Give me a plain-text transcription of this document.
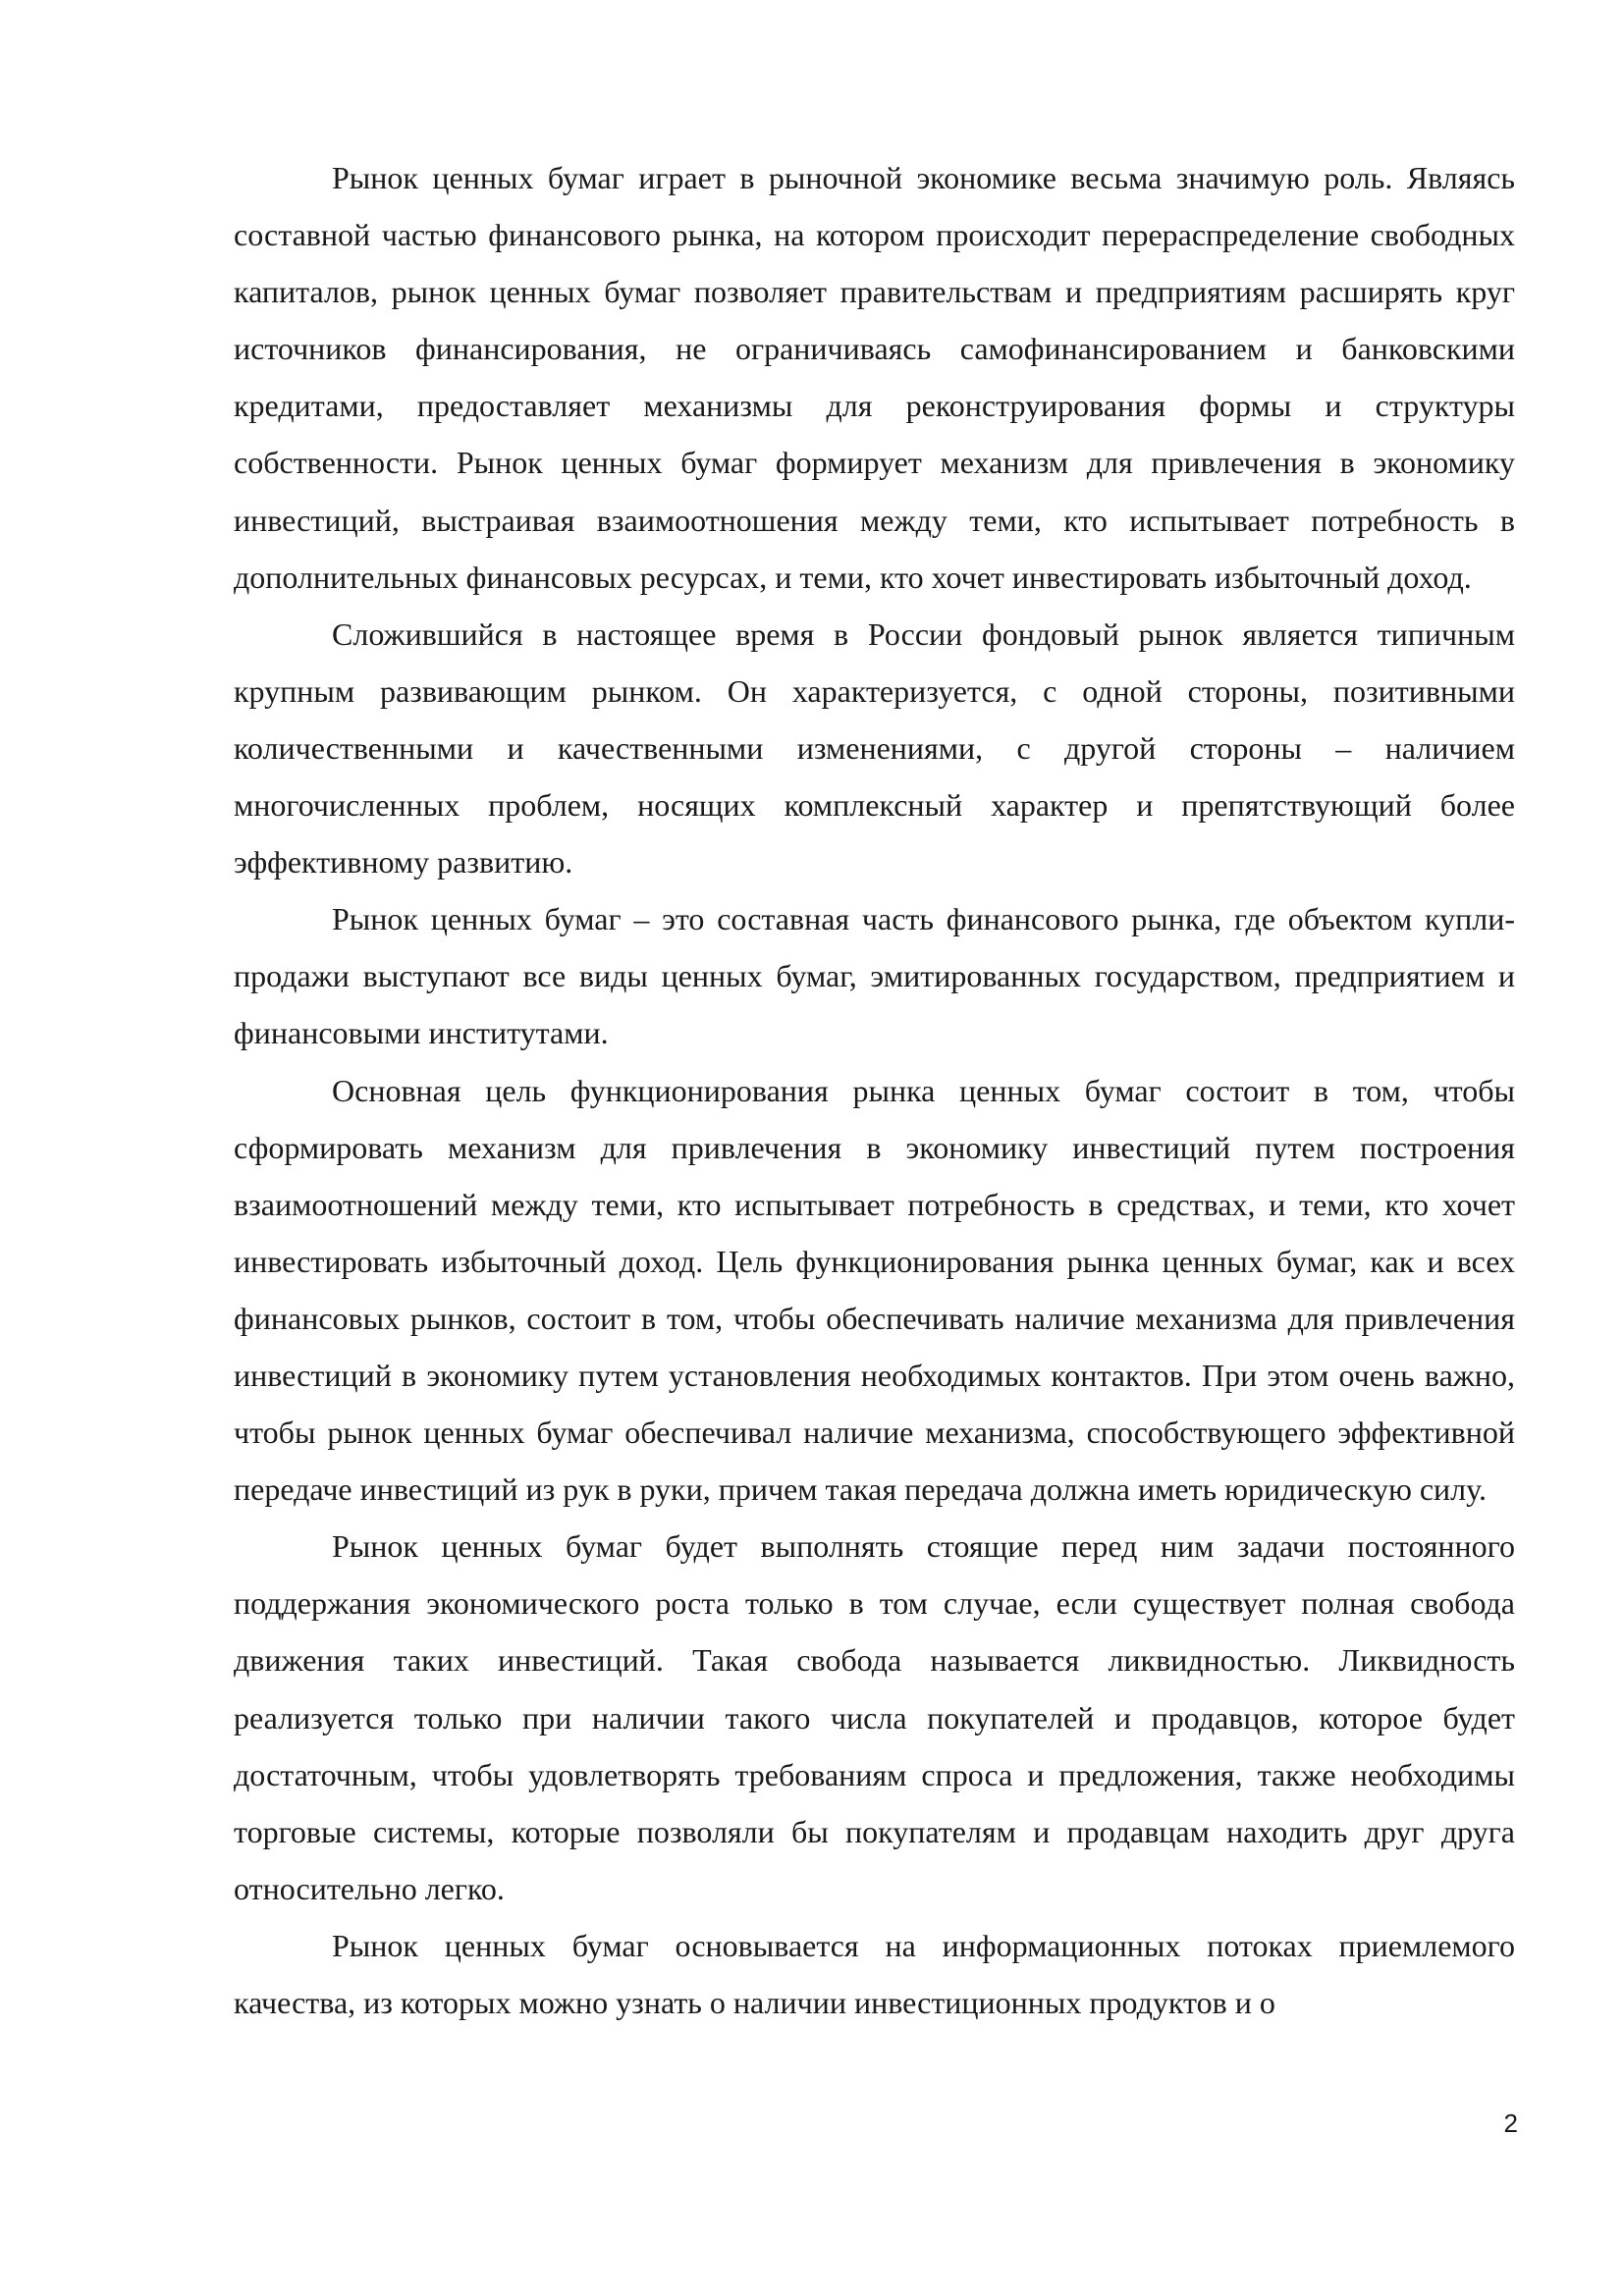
Рынок ценных бумаг играет в рыночной экономике весьма значимую роль. Являясь составной частью финансового рынка, на котором происходит перераспределение свободных капиталов, рынок ценных бумаг позволяет правительствам и предприятиям расширять круг источников финансирования, не ограничиваясь самофинансированием и банковскими кредитами, предоставляет механизмы для реконструирования формы и структуры собственности. Рынок ценных бумаг формирует механизм для привлечения в экономику инвестиций, выстраивая взаимоотношения между теми, кто испытывает потребность в дополнительных финансовых ресурсах, и теми, кто хочет инвестировать избыточный доход.

Сложившийся в настоящее время в России фондовый рынок является типичным крупным развивающим рынком. Он характеризуется, с одной стороны, позитивными количественными и качественными изменениями, с другой стороны – наличием многочисленных проблем, носящих комплексный характер и препятствующий более эффективному развитию.

Рынок ценных бумаг – это составная часть финансового рынка, где объектом купли-продажи выступают все виды ценных бумаг, эмитированных государством, предприятием и финансовыми институтами.

Основная цель функционирования рынка ценных бумаг состоит в том, чтобы сформировать механизм для привлечения в экономику инвестиций путем построения взаимоотношений между теми, кто испытывает потребность в средствах, и теми, кто хочет инвестировать избыточный доход. Цель функционирования рынка ценных бумаг, как и всех финансовых рынков, состоит в том, чтобы обеспечивать наличие механизма для привлечения инвестиций в экономику путем установления необходимых контактов. При этом очень важно, чтобы рынок ценных бумаг обеспечивал наличие механизма, способствующего эффективной передаче инвестиций из рук в руки, причем такая передача должна иметь юридическую силу.

Рынок ценных бумаг будет выполнять стоящие перед ним задачи постоянного поддержания экономического роста только в том случае, если существует полная свобода движения таких инвестиций. Такая свобода называется ликвидностью. Ликвидность реализуется только при наличии такого числа покупателей и продавцов, которое будет достаточным, чтобы удовлетворять требованиям спроса и предложения, также необходимы торговые системы, которые позволяли бы покупателям и продавцам находить друг друга относительно легко.

Рынок ценных бумаг основывается на информационных потоках приемлемого качества, из которых можно узнать о наличии инвестиционных продуктов и о

2
